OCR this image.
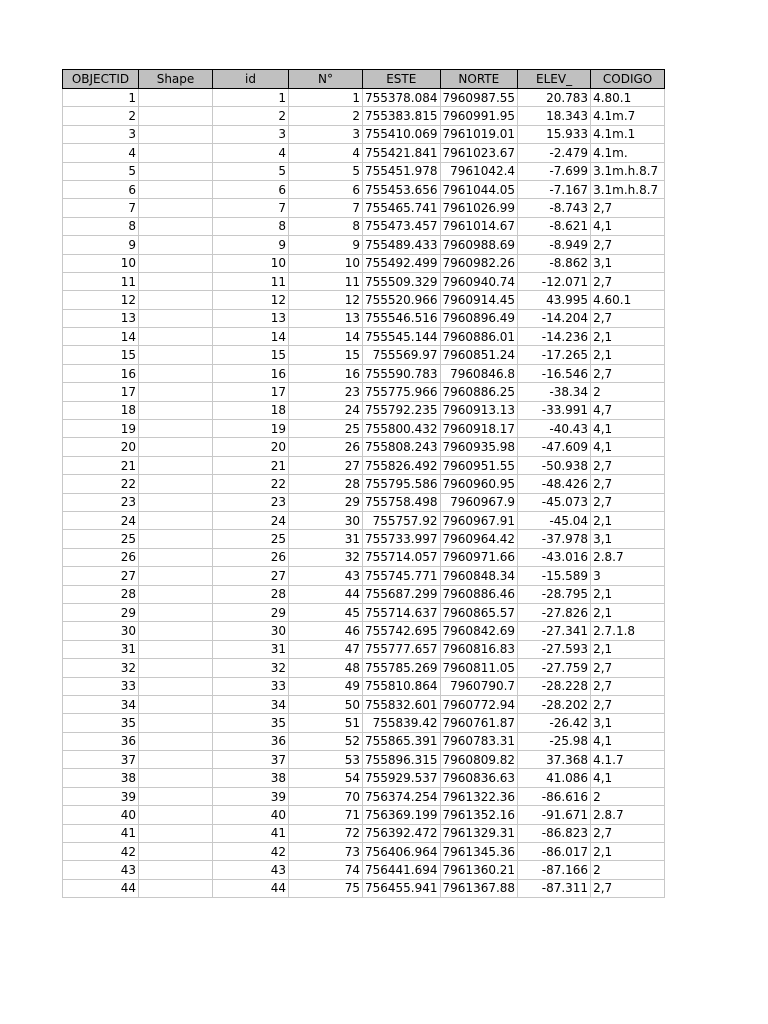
OBJECTID	Shape	id	N°	ESTE	NORTE	ELEV_	CODIGO
1		1	1	755378.084	7960987.55	20.783	4.80.1
2		2	2	755383.815	7960991.95	18.343	4.1m.7
3		3	3	755410.069	7961019.01	15.933	4.1m.1
4		4	4	755421.841	7961023.67	-2.479	4.1m.
5		5	5	755451.978	7961042.4	-7.699	3.1m.h.8.7
6		6	6	755453.656	7961044.05	-7.167	3.1m.h.8.7
7		7	7	755465.741	7961026.99	-8.743	2,7
8		8	8	755473.457	7961014.67	-8.621	4,1
9		9	9	755489.433	7960988.69	-8.949	2,7
10		10	10	755492.499	7960982.26	-8.862	3,1
11		11	11	755509.329	7960940.74	-12.071	2,7
12		12	12	755520.966	7960914.45	43.995	4.60.1
13		13	13	755546.516	7960896.49	-14.204	2,7
14		14	14	755545.144	7960886.01	-14.236	2,1
15		15	15	755569.97	7960851.24	-17.265	2,1
16		16	16	755590.783	7960846.8	-16.546	2,7
17		17	23	755775.966	7960886.25	-38.34	2
18		18	24	755792.235	7960913.13	-33.991	4,7
19		19	25	755800.432	7960918.17	-40.43	4,1
20		20	26	755808.243	7960935.98	-47.609	4,1
21		21	27	755826.492	7960951.55	-50.938	2,7
22		22	28	755795.586	7960960.95	-48.426	2,7
23		23	29	755758.498	7960967.9	-45.073	2,7
24		24	30	755757.92	7960967.91	-45.04	2,1
25		25	31	755733.997	7960964.42	-37.978	3,1
26		26	32	755714.057	7960971.66	-43.016	2.8.7
27		27	43	755745.771	7960848.34	-15.589	3
28		28	44	755687.299	7960886.46	-28.795	2,1
29		29	45	755714.637	7960865.57	-27.826	2,1
30		30	46	755742.695	7960842.69	-27.341	2.7.1.8
31		31	47	755777.657	7960816.83	-27.593	2,1
32		32	48	755785.269	7960811.05	-27.759	2,7
33		33	49	755810.864	7960790.7	-28.228	2,7
34		34	50	755832.601	7960772.94	-28.202	2,7
35		35	51	755839.42	7960761.87	-26.42	3,1
36		36	52	755865.391	7960783.31	-25.98	4,1
37		37	53	755896.315	7960809.82	37.368	4.1.7
38		38	54	755929.537	7960836.63	41.086	4,1
39		39	70	756374.254	7961322.36	-86.616	2
40		40	71	756369.199	7961352.16	-91.671	2.8.7
41		41	72	756392.472	7961329.31	-86.823	2,7
42		42	73	756406.964	7961345.36	-86.017	2,1
43		43	74	756441.694	7961360.21	-87.166	2
44		44	75	756455.941	7961367.88	-87.311	2,7
